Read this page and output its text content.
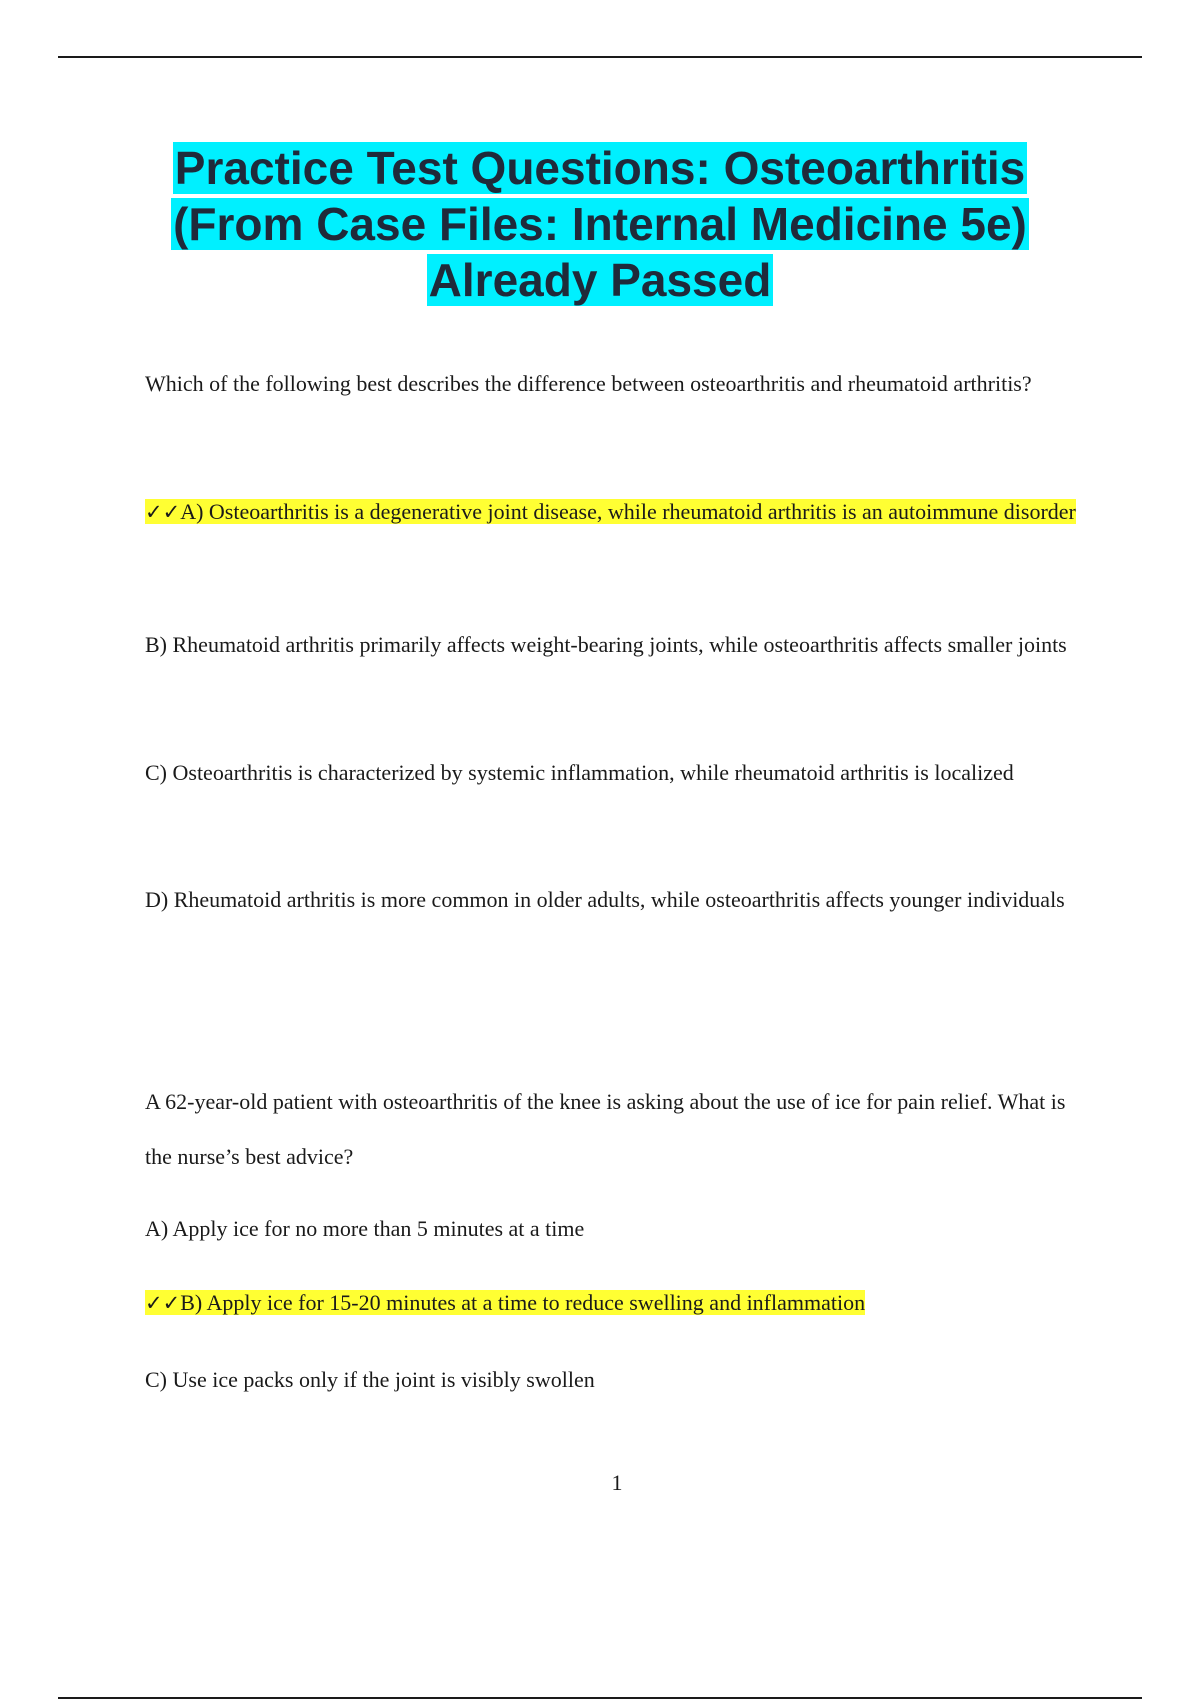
Practice Test Questions: Osteoarthritis
(From Case Files: Internal Medicine 5e)
Already Passed

Which of the following best describes the difference between osteoarthritis and rheumatoid arthritis?

✓✓A) Osteoarthritis is a degenerative joint disease, while rheumatoid arthritis is an autoimmune disorder

B) Rheumatoid arthritis primarily affects weight-bearing joints, while osteoarthritis affects smaller joints

C) Osteoarthritis is characterized by systemic inflammation, while rheumatoid arthritis is localized

D) Rheumatoid arthritis is more common in older adults, while osteoarthritis affects younger individuals

A 62-year-old patient with osteoarthritis of the knee is asking about the use of ice for pain relief. What is the nurse’s best advice?

A) Apply ice for no more than 5 minutes at a time

✓✓B) Apply ice for 15-20 minutes at a time to reduce swelling and inflammation

C) Use ice packs only if the joint is visibly swollen

1
